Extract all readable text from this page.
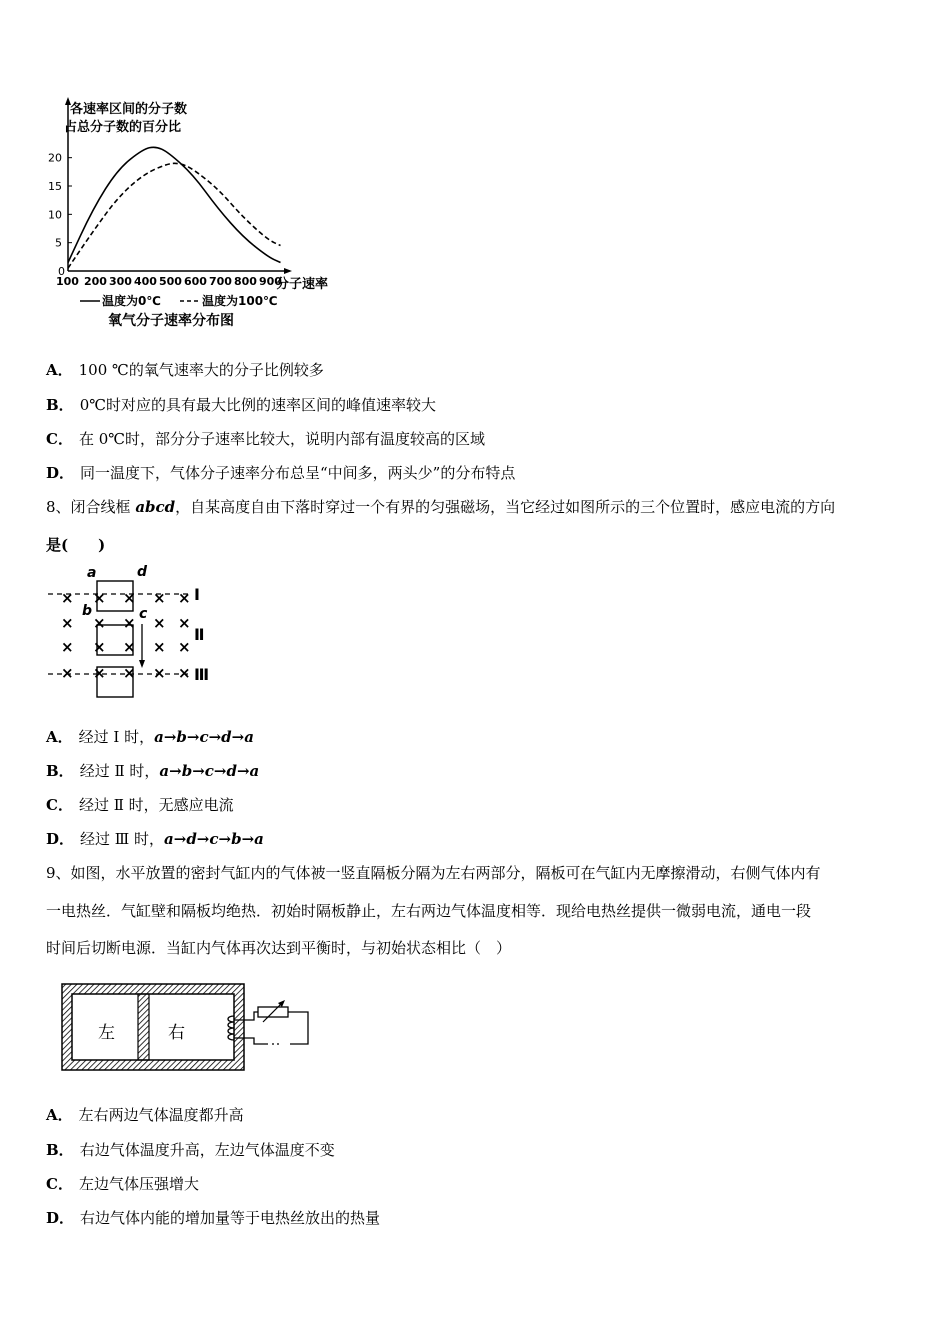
各速率区间的分子数
占总分子数的百分比
0
5
10
15
20
100 200 300 400 500 600 700 800 900
分子速率
温度为0℃	温度为100℃
氧气分子速率分布图
A． 100 ℃的氧气速率大的分子比例较多
B． 0℃时对应的具有最大比例的速率区间的峰值速率较大
C． 在 0℃时，部分分子速率比较大，说明内部有温度较高的区域
D． 同一温度下，气体分子速率分布总呈“中间多，两头少”的分布特点
8、闭合线框 abcd，自某高度自由下落时穿过一个有界的匀强磁场，当它经过如图所示的三个位置时，感应电流的方向
是(　　)
× × × × ×
× × × × ×
× × × × ×
× × × × ×
a	d
b	c
Ⅰ
Ⅱ
Ⅲ
A． 经过 Ⅰ 时，a→b→c→d→a
B． 经过 Ⅱ 时，a→b→c→d→a
C． 经过 Ⅱ 时，无感应电流
D． 经过 Ⅲ 时，a→d→c→b→a
9、如图，水平放置的密封气缸内的气体被一竖直隔板分隔为左右两部分，隔板可在气缸内无摩擦滑动，右侧气体内有
一电热丝．气缸壁和隔板均绝热．初始时隔板静止，左右两边气体温度相等．现给电热丝提供一微弱电流，通电一段
时间后切断电源．当缸内气体再次达到平衡时，与初始状态相比（　）
左	右
A． 左右两边气体温度都升高
B． 右边气体温度升高，左边气体温度不变
C． 左边气体压强增大
D． 右边气体内能的增加量等于电热丝放出的热量
